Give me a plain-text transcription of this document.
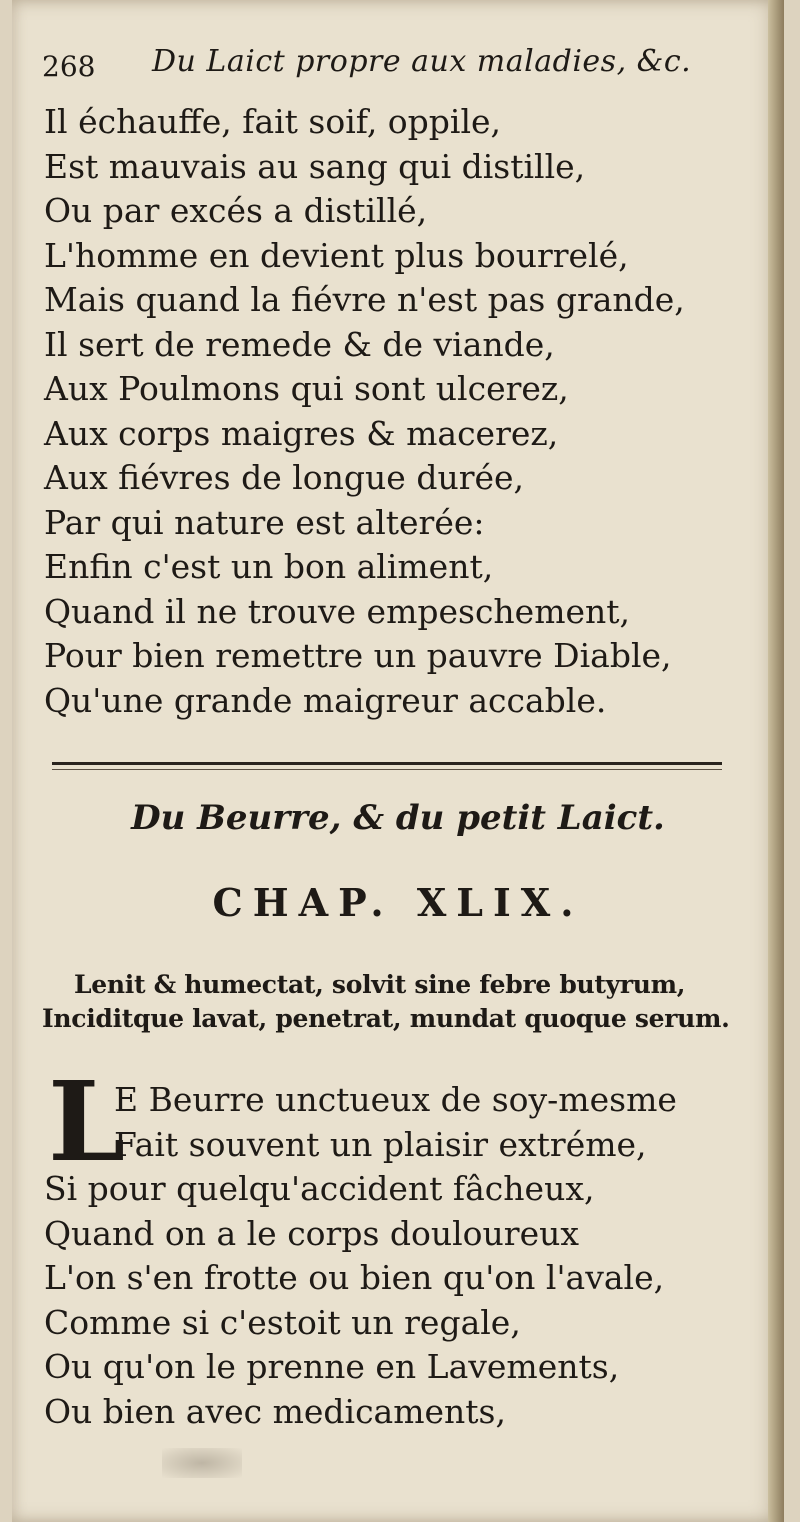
268 Du Laict propre aux maladies, &c.
Il échauffe, fait soif, oppile,
Est mauvais au sang qui distille,
Ou par excés a distillé,
L'homme en devient plus bourrelé,
Mais quand la fiévre n'est pas grande,
Il sert de remede & de viande,
Aux Poulmons qui sont ulcerez,
Aux corps maigres & macerez,
Aux fiévres de longue durée,
Par qui nature est alterée:
Enfin c'est un bon aliment,
Quand il ne trouve empeschement,
Pour bien remettre un pauvre Diable,
Qu'une grande maigreur accable.
Du Beurre, & du petit Laict.
CHAP. XLIX.
Lenit & humectat, solvit sine febre butyrum,
Inciditque lavat, penetrat, mundat quoque serum.
L
E Beurre unctueux de soy-mesme
Fait souvent un plaisir extréme,
Si pour quelqu'accident fâcheux,
Quand on a le corps douloureux
L'on s'en frotte ou bien qu'on l'avale,
Comme si c'estoit un regale,
Ou qu'on le prenne en Lavements,
Ou bien avec medicaments,
